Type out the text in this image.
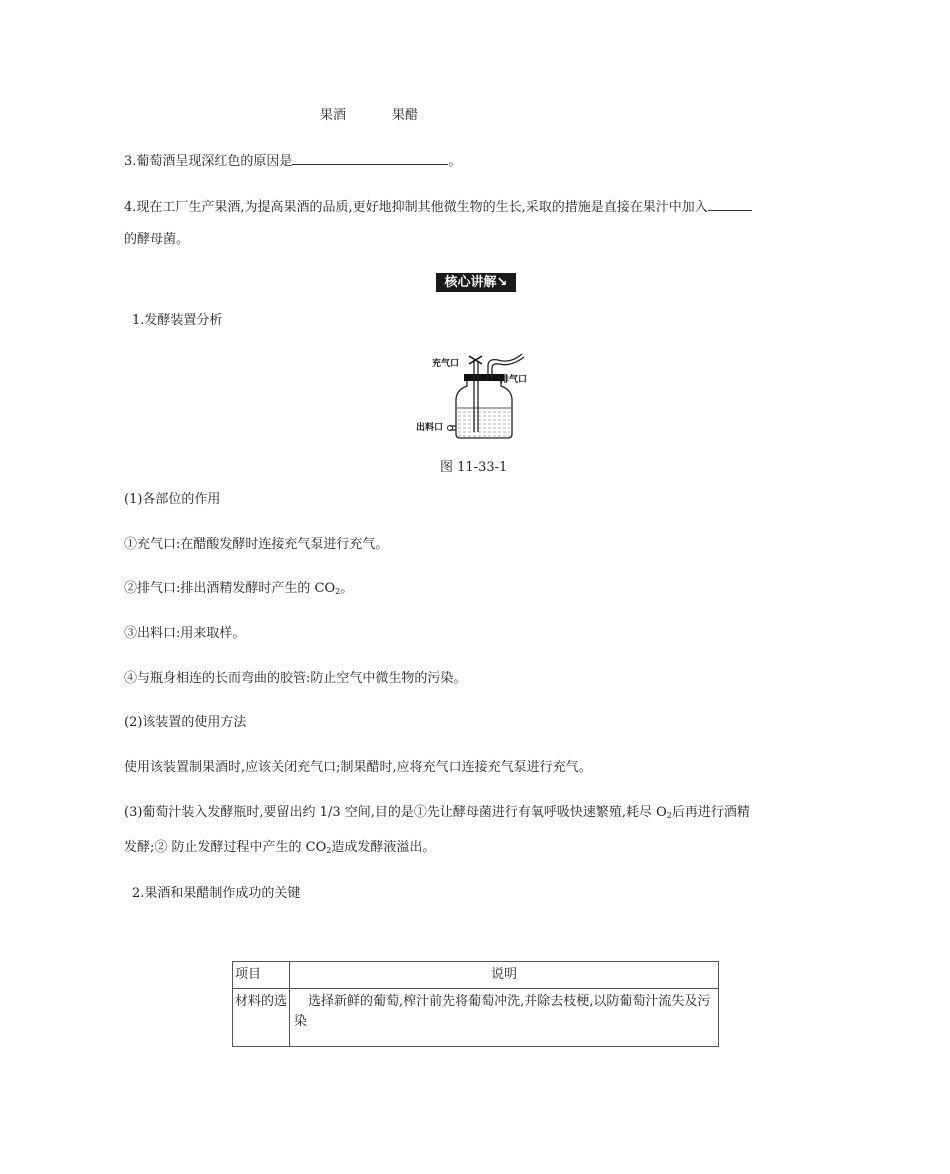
果酒	果醋
3.葡萄酒呈现深红色的原因是	。
4.现在工厂生产果酒,为提高果酒的品质,更好地抑制其他微生物的生长,采取的措施是直接在果汁中加入
的酵母菌。
核心讲解↘
1.发酵装置分析
充气口
排气口
出料口
图 11-33-1
(1)各部位的作用
①充气口:在醋酸发酵时连接充气泵进行充气。
②排气口:排出酒精发酵时产生的 $CO_2$。
③出料口:用来取样。
④与瓶身相连的长而弯曲的胶管:防止空气中微生物的污染。
(2)该装置的使用方法
使用该装置制果酒时,应该关闭充气口;制果醋时,应将充气口连接充气泵进行充气。
(3)葡萄汁装入发酵瓶时,要留出约 1/3 空间,目的是①先让酵母菌进行有氧呼吸快速繁殖,耗尽 $O_2$后再进行酒精
发酵;② 防止发酵过程中产生的 $CO_2$造成发酵液溢出。
2.果酒和果醋制作成功的关键
项目	说明
材料的选	选择新鲜的葡萄,榨汁前先将葡萄冲洗,并除去枝梗,以防葡萄汁流失及污染
